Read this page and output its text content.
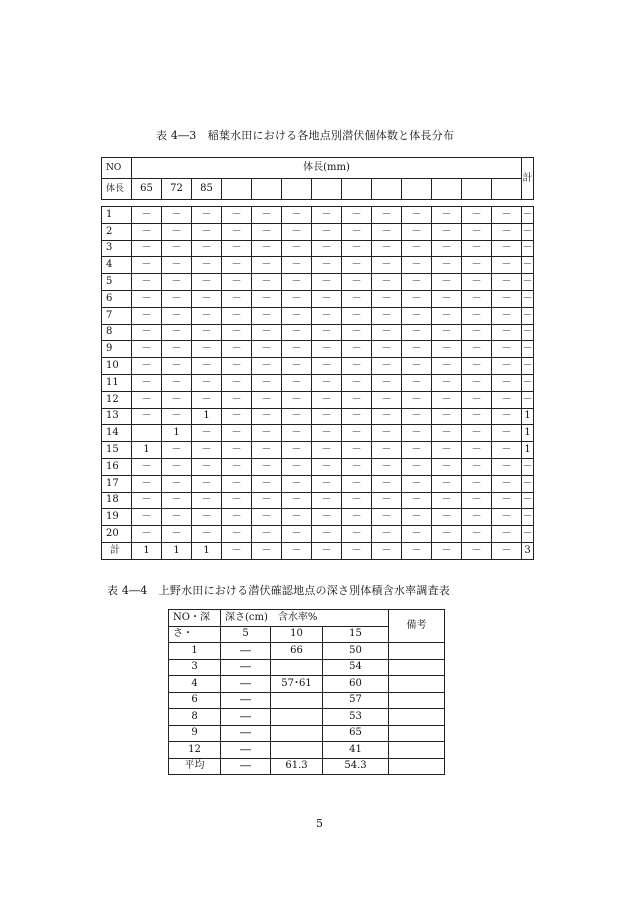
表 4―3　稲葉水田における各地点別潜伏個体数と体長分布
NO	体長(mm)													計
体長	65	72	85											

1	－	－	－	－	－	－	－	－	－	－	－	－	－	－
2	－	－	－	－	－	－	－	－	－	－	－	－	－	－
3	－	－	－	－	－	－	－	－	－	－	－	－	－	－
4	－	－	－	－	－	－	－	－	－	－	－	－	－	－
5	－	－	－	－	－	－	－	－	－	－	－	－	－	－
6	－	－	－	－	－	－	－	－	－	－	－	－	－	－
7	－	－	－	－	－	－	－	－	－	－	－	－	－	－
8	－	－	－	－	－	－	－	－	－	－	－	－	－	－
9	－	－	－	－	－	－	－	－	－	－	－	－	－	－
10	－	－	－	－	－	－	－	－	－	－	－	－	－	－
11	－	－	－	－	－	－	－	－	－	－	－	－	－	－
12	－	－	－	－	－	－	－	－	－	－	－	－	－	－
13	－	－	1	－	－	－	－	－	－	－	－	－	－	1
14		1	－	－	－	－	－	－	－	－	－	－	－	1
15	1	－	－	－	－	－	－	－	－	－	－	－	－	1
16	－	－	－	－	－	－	－	－	－	－	－	－	－	－
17	－	－	－	－	－	－	－	－	－	－	－	－	－	－
18	－	－	－	－	－	－	－	－	－	－	－	－	－	－
19	－	－	－	－	－	－	－	－	－	－	－	－	－	－
20	－	－	－	－	－	－	－	－	－	－	－	－	－	－
計	1	1	1	－	－	－	－	－	－	－	－	－	－	3
表 4―4　上野水田における潜伏確認地点の深さ別体積含水率調査表
NO・深	深さ(cm)　含水率%			備考
さ・	5	10	15	
1	―	66	50	
3	―		54	
4	―	57･61	60	
6	―		57	
8	―		53	
9	―		65	
12	―		41	
平均	―	61.3	54.3	
5
